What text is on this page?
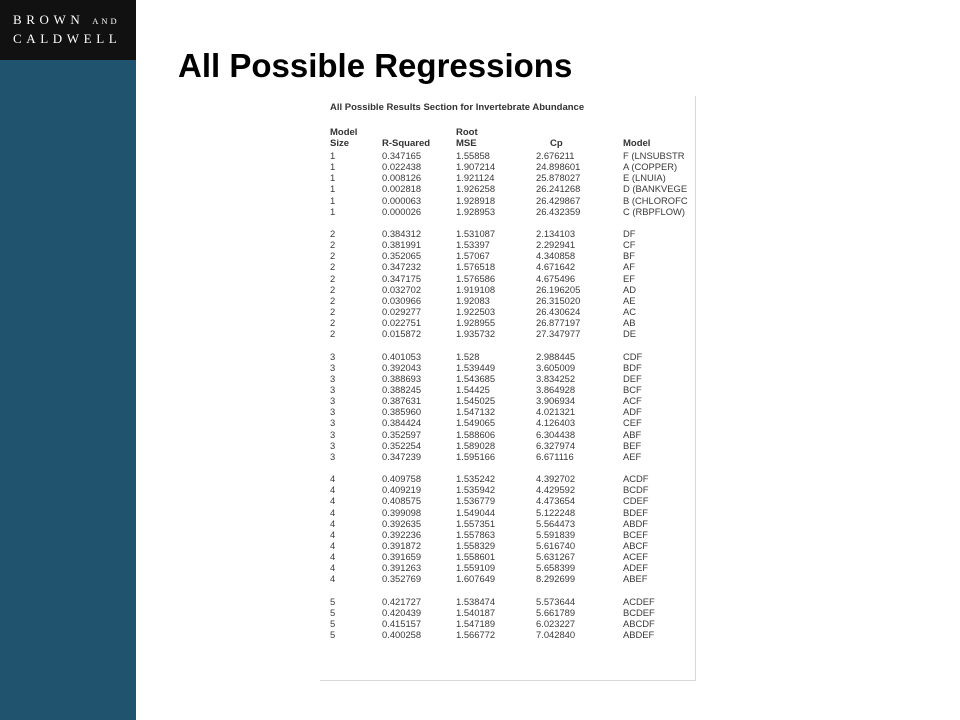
BROWN AND
CALDWELL
All Possible Regressions
All Possible Results Section for Invertebrate Abundance
Model
Size	R-Squared
Root
MSE	Cp	Model
1	0.347165	1.55858	2.676211	F (LNSUBSTR
1	0.022438	1.907214	24.898601	A (COPPER)
1	0.008126	1.921124	25.878027	E (LNUIA)
1	0.002818	1.926258	26.241268	D (BANKVEGE
1	0.000063	1.928918	26.429867	B (CHLOROFC
1	0.000026	1.928953	26.432359	C (RBPFLOW)
2	0.384312	1.531087	2.134103	DF
2	0.381991	1.53397	2.292941	CF
2	0.352065	1.57067	4.340858	BF
2	0.347232	1.576518	4.671642	AF
2	0.347175	1.576586	4.675496	EF
2	0.032702	1.919108	26.196205	AD
2	0.030966	1.92083	26.315020	AE
2	0.029277	1.922503	26.430624	AC
2	0.022751	1.928955	26.877197	AB
2	0.015872	1.935732	27.347977	DE
3	0.401053	1.528	2.988445	CDF
3	0.392043	1.539449	3.605009	BDF
3	0.388693	1.543685	3.834252	DEF
3	0.388245	1.54425	3.864928	BCF
3	0.387631	1.545025	3.906934	ACF
3	0.385960	1.547132	4.021321	ADF
3	0.384424	1.549065	4.126403	CEF
3	0.352597	1.588606	6.304438	ABF
3	0.352254	1.589028	6.327974	BEF
3	0.347239	1.595166	6.671116	AEF
4	0.409758	1.535242	4.392702	ACDF
4	0.409219	1.535942	4.429592	BCDF
4	0.408575	1.536779	4.473654	CDEF
4	0.399098	1.549044	5.122248	BDEF
4	0.392635	1.557351	5.564473	ABDF
4	0.392236	1.557863	5.591839	BCEF
4	0.391872	1.558329	5.616740	ABCF
4	0.391659	1.558601	5.631267	ACEF
4	0.391263	1.559109	5.658399	ADEF
4	0.352769	1.607649	8.292699	ABEF
5	0.421727	1.538474	5.573644	ACDEF
5	0.420439	1.540187	5.661789	BCDEF
5	0.415157	1.547189	6.023227	ABCDF
5	0.400258	1.566772	7.042840	ABDEF
